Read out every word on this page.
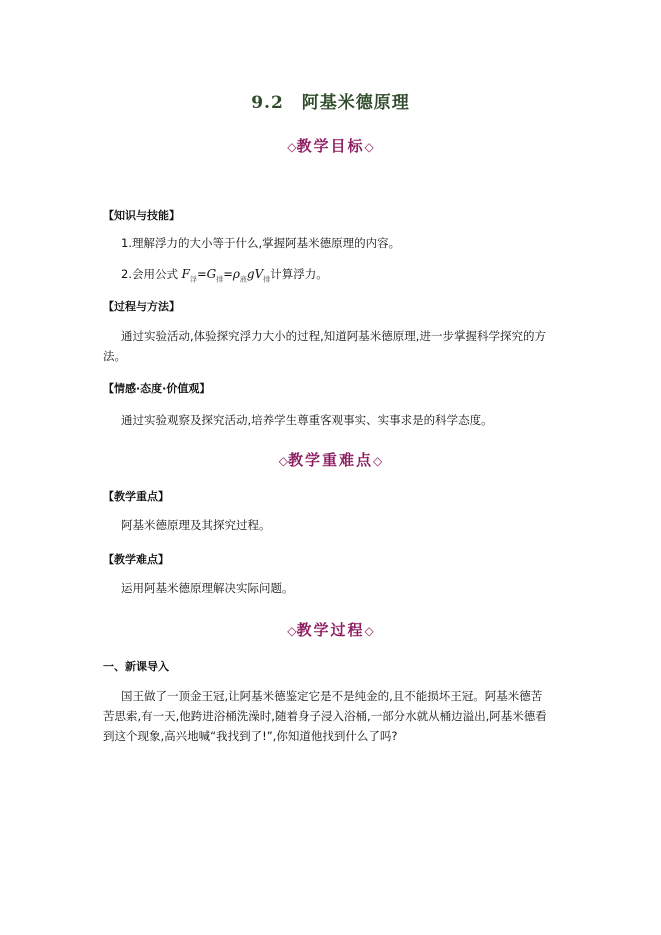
9.2 阿基米德原理
◇教学目标◇
【知识与技能】

1.理解浮力的大小等于什么,掌握阿基米德原理的内容。

2.会用公式 $F_浮=G_排=\rho_液gV_排$计算浮力。
【过程与方法】

通过实验活动,体验探究浮力大小的过程,知道阿基米德原理,进一步掌握科学探究的方法。

【情感·态度·价值观】

通过实验观察及探究活动,培养学生尊重客观事实、实事求是的科学态度。

◇教学重难点◇
【教学重点】

阿基米德原理及其探究过程。

【教学难点】

运用阿基米德原理解决实际问题。

◇教学过程◇
一、新课导入

国王做了一顶金王冠,让阿基米德鉴定它是不是纯金的,且不能损坏王冠。阿基米德苦苦思索,有一天,他跨进浴桶洗澡时,随着身子浸入浴桶,一部分水就从桶边溢出,阿基米德看到这个现象,高兴地喊“我找到了!”,你知道他找到什么了吗?
